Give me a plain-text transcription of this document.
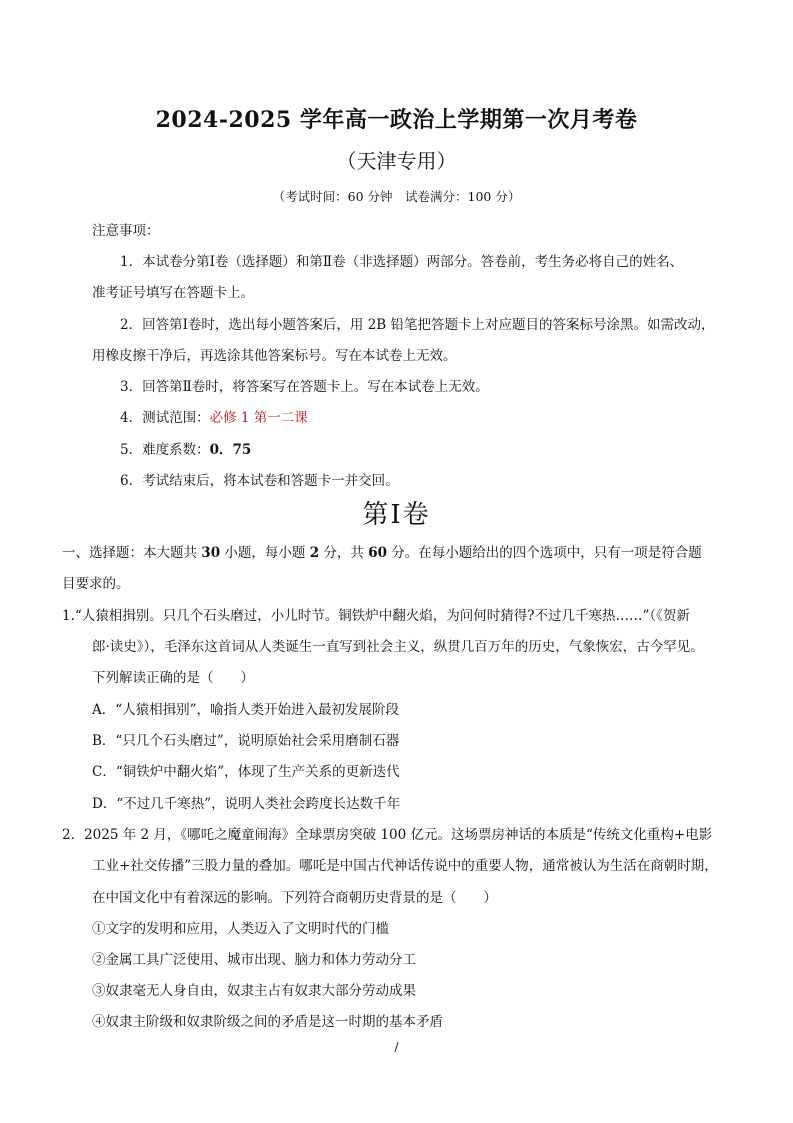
2024-2025 学年高一政治上学期第一次月考卷
（天津专用）
（考试时间：60 分钟　试卷满分：100 分）
注意事项：
1．本试卷分第Ⅰ卷（选择题）和第Ⅱ卷（非选择题）两部分。答卷前，考生务必将自己的姓名、
准考证号填写在答题卡上。
2．回答第Ⅰ卷时，选出每小题答案后，用 2B 铅笔把答题卡上对应题目的答案标号涂黑。如需改动，
用橡皮擦干净后，再选涂其他答案标号。写在本试卷上无效。
3．回答第Ⅱ卷时，将答案写在答题卡上。写在本试卷上无效。
4．测试范围：必修 1 第一二课
5．难度系数：0．75
6．考试结束后，将本试卷和答题卡一并交回。
第Ⅰ卷
一、选择题：本大题共 30 小题，每小题 2 分，共 60 分。在每小题给出的四个选项中，只有一项是符合题
目要求的。
1.“人猿相揖别。只几个石头磨过，小儿时节。铜铁炉中翻火焰，为问何时猜得?不过几千寒热……”（《贺新
郎·读史》），毛泽东这首词从人类诞生一直写到社会主义，纵贯几百万年的历史，气象恢宏，古今罕见。
下列解读正确的是（　　）
A．“人猿相揖别”，喻指人类开始进入最初发展阶段
B．“只几个石头磨过”，说明原始社会采用磨制石器
C．“铜铁炉中翻火焰”，体现了生产关系的更新迭代
D．“不过几千寒热”，说明人类社会跨度长达数千年
2．2025 年 2 月，《哪吒之魔童闹海》全球票房突破 100 亿元。这场票房神话的本质是“传统文化重构+电影
工业+社交传播”三股力量的叠加。哪吒是中国古代神话传说中的重要人物，通常被认为生活在商朝时期，
在中国文化中有着深远的影响。下列符合商朝历史背景的是（　　）
①文字的发明和应用，人类迈入了文明时代的门槛
②金属工具广泛使用、城市出现、脑力和体力劳动分工
③奴隶毫无人身自由，奴隶主占有奴隶大部分劳动成果
④奴隶主阶级和奴隶阶级之间的矛盾是这一时期的基本矛盾
/
